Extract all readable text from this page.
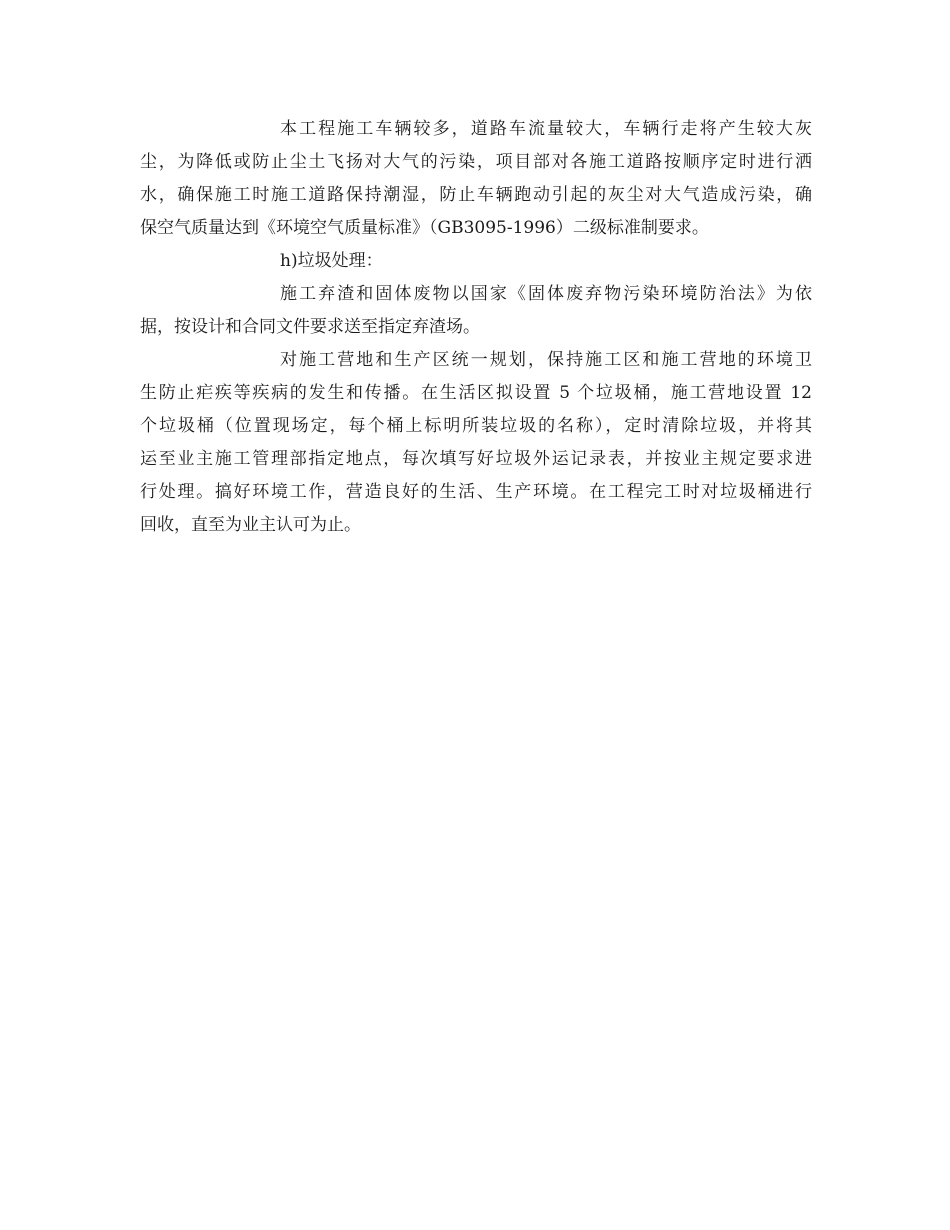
本工程施工车辆较多，道路车流量较大，车辆行走将产生较大灰
尘，为降低或防止尘土飞扬对大气的污染，项目部对各施工道路按顺序定时进行洒
水，确保施工时施工道路保持潮湿，防止车辆跑动引起的灰尘对大气造成污染，确
保空气质量达到《环境空气质量标准》（GB3095-1996）二级标准制要求。
h)垃圾处理：
施工弃渣和固体废物以国家《固体废弃物污染环境防治法》为依
据，按设计和合同文件要求送至指定弃渣场。
对施工营地和生产区统一规划，保持施工区和施工营地的环境卫
生防止疟疾等疾病的发生和传播。在生活区拟设置 5 个垃圾桶，施工营地设置 12
个垃圾桶（位置现场定，每个桶上标明所装垃圾的名称），定时清除垃圾，并将其
运至业主施工管理部指定地点，每次填写好垃圾外运记录表，并按业主规定要求进
行处理。搞好环境工作，营造良好的生活、生产环境。在工程完工时对垃圾桶进行
回收，直至为业主认可为止。
